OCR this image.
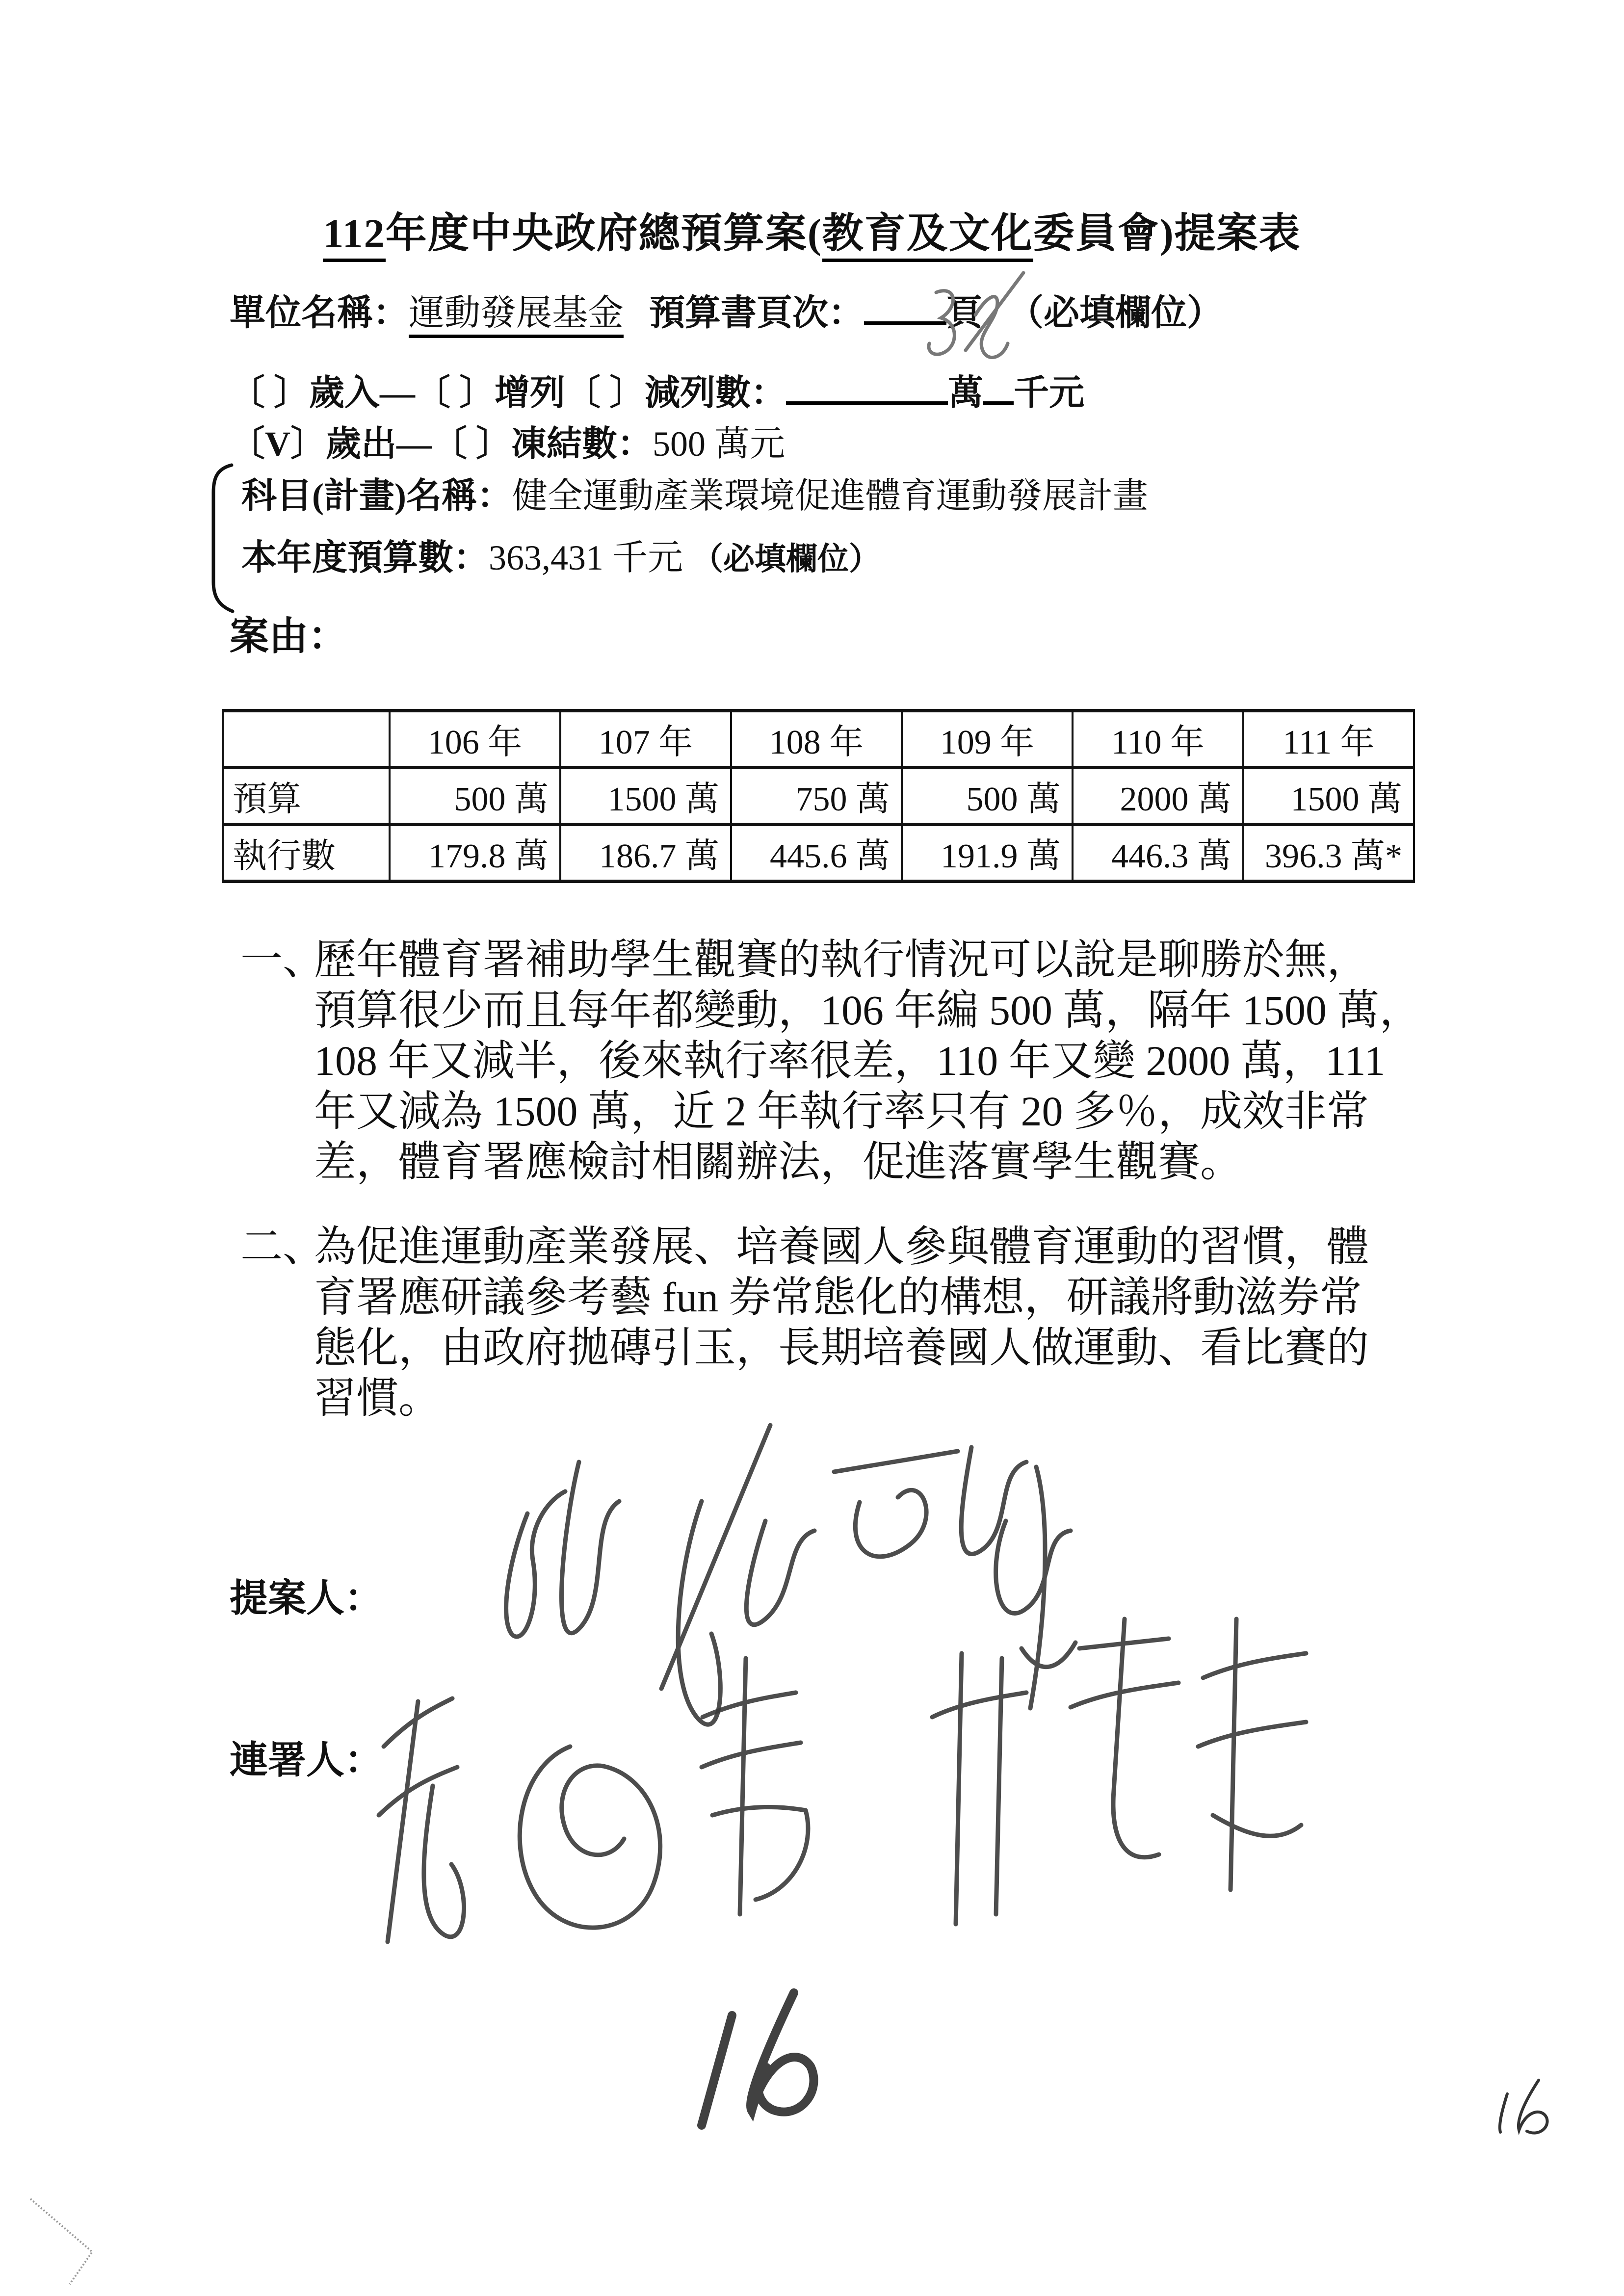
112年度中央政府總預算案(教育及文化委員會)提案表
單位名稱：運動發展基金 預算書頁次： 頁 （必填欄位）
〔 〕歲入—〔 〕增列〔 〕減列數：	萬 千元
〔V〕歲出—〔 〕凍結數：500 萬元
科目(計畫)名稱：健全運動產業環境促進體育運動發展計畫
本年度預算數：363,431 千元 （必填欄位）
案由：
	106 年	107 年	108 年	109 年	110 年	111 年
預算	500 萬	1500 萬	750 萬	500 萬	2000 萬	1500 萬
執行數	179.8 萬	186.7 萬	445.6 萬	191.9 萬	446.3 萬	396.3 萬*
一、歷年體育署補助學生觀賽的執行情況可以說是聊勝於無，
預算很少而且每年都變動，106 年編 500 萬，隔年 1500 萬，
108 年又減半，後來執行率很差，110 年又變 2000 萬，111
年又減為 1500 萬，近 2 年執行率只有 20 多％，成效非常
差，體育署應檢討相關辦法，促進落實學生觀賽。
二、為促進運動產業發展、培養國人參與體育運動的習慣，體
育署應研議參考藝 fun 券常態化的構想，研議將動滋券常
態化，由政府拋磚引玉，長期培養國人做運動、看比賽的
習慣。
提案人：
連署人：
